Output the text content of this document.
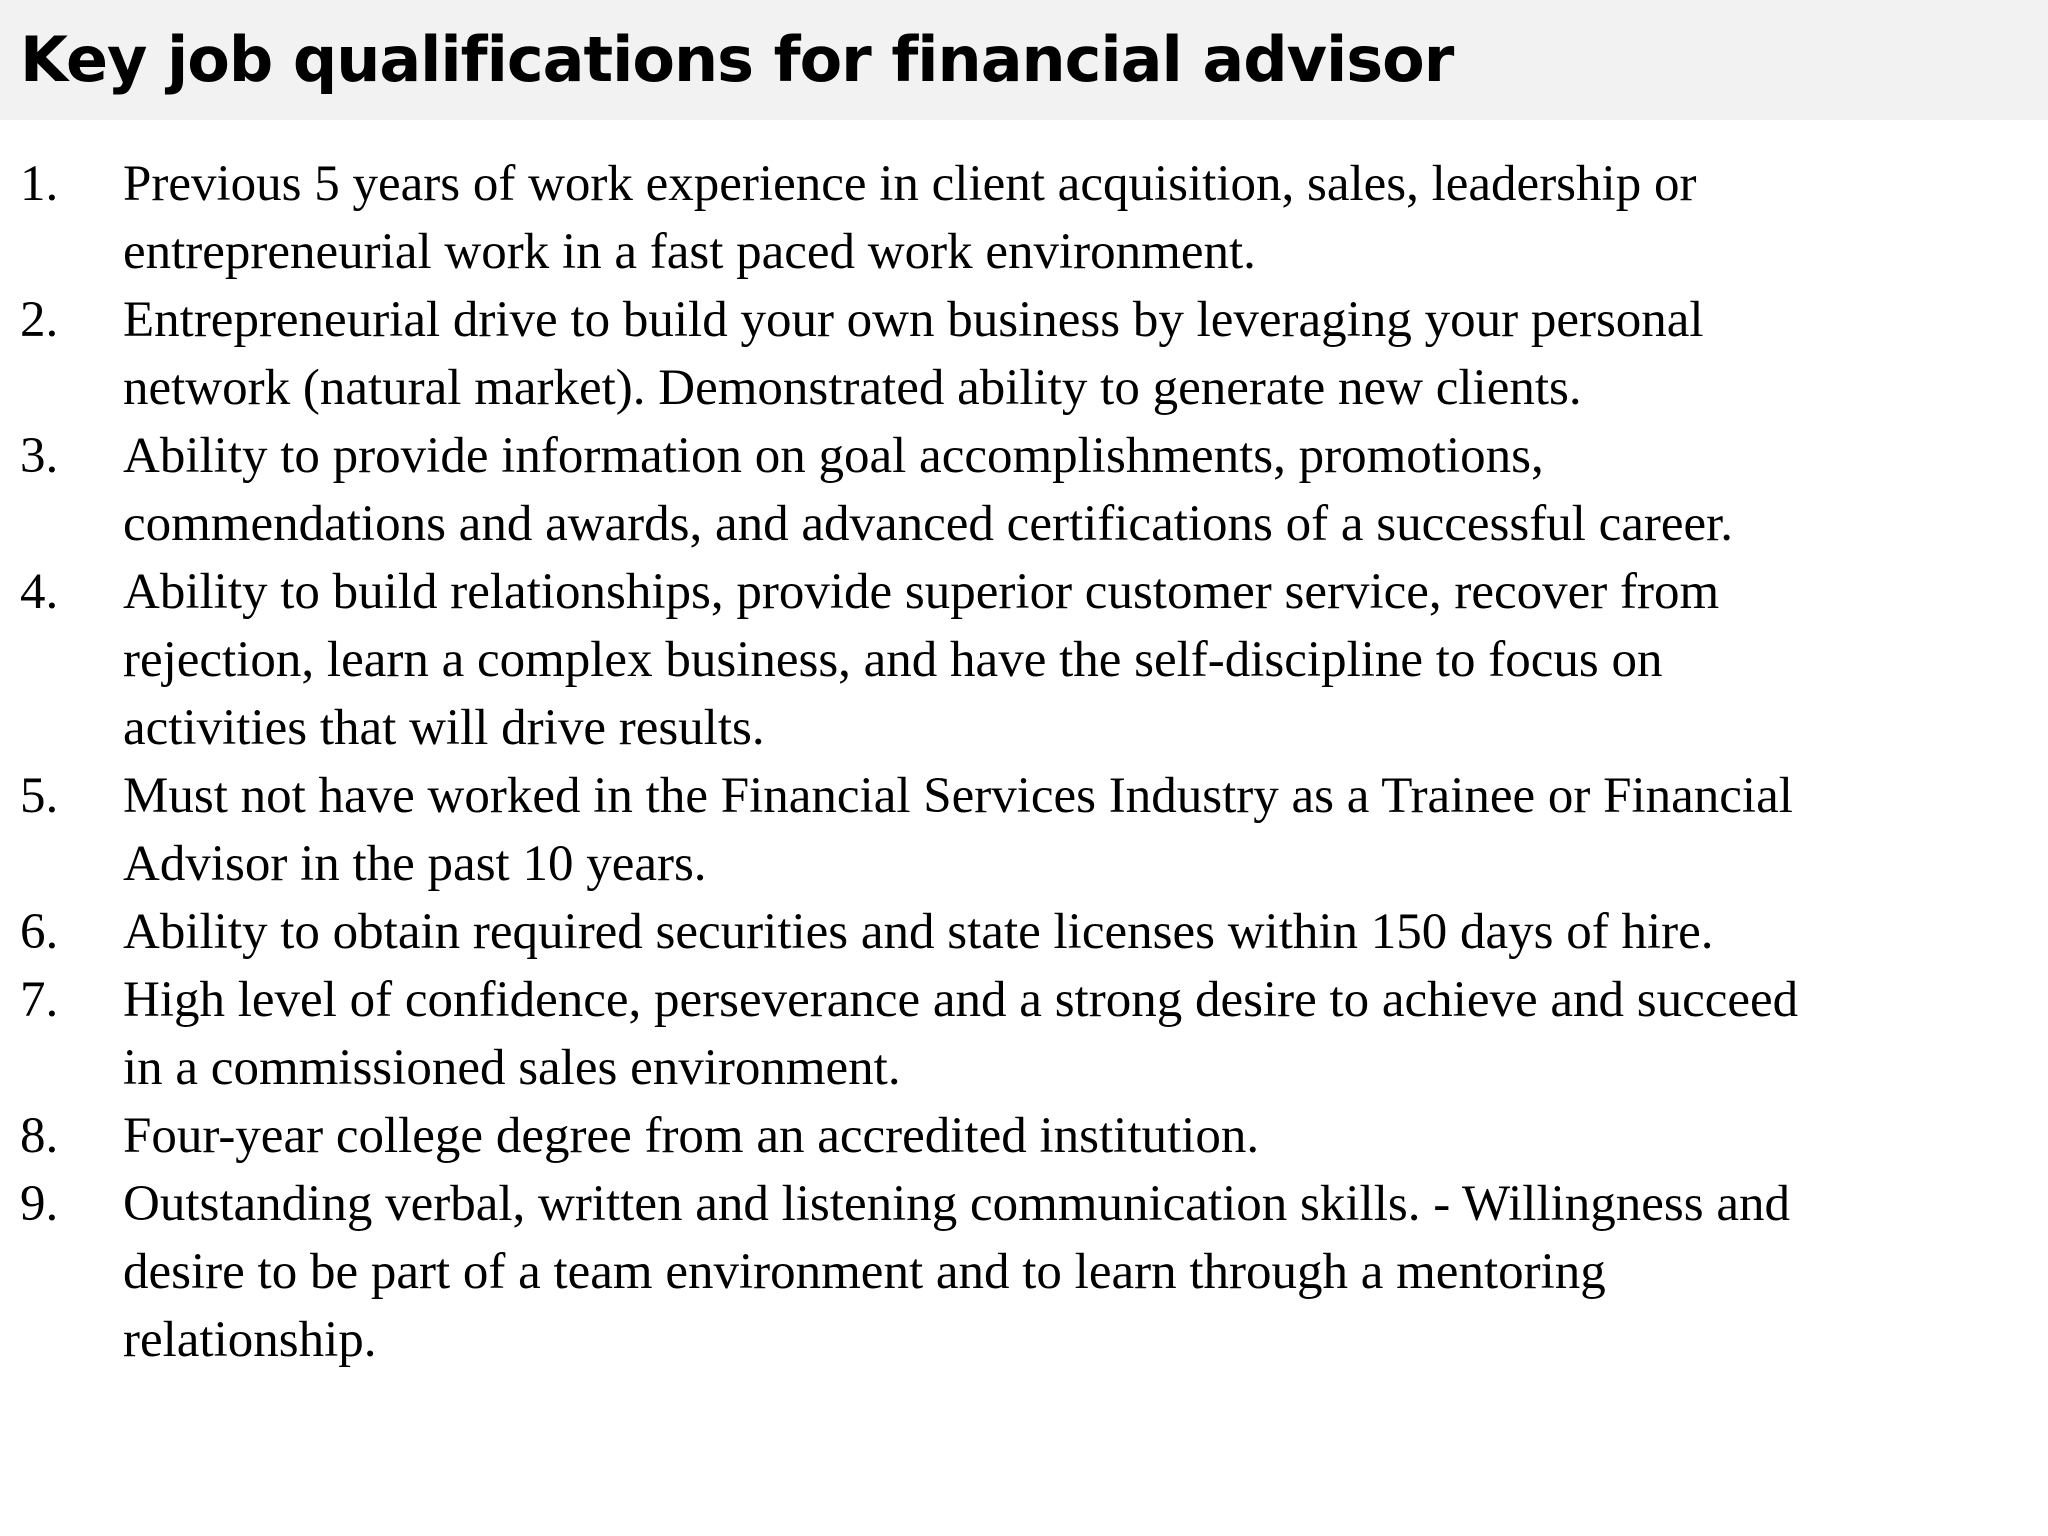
Key job qualifications for financial advisor
1. Previous 5 years of work experience in client acquisition, sales, leadership or
entrepreneurial work in a fast paced work environment.
2. Entrepreneurial drive to build your own business by leveraging your personal
network (natural market). Demonstrated ability to generate new clients.
3. Ability to provide information on goal accomplishments, promotions,
commendations and awards, and advanced certifications of a successful career.
4. Ability to build relationships, provide superior customer service, recover from
rejection, learn a complex business, and have the self-discipline to focus on
activities that will drive results.
5. Must not have worked in the Financial Services Industry as a Trainee or Financial
Advisor in the past 10 years.
6. Ability to obtain required securities and state licenses within 150 days of hire.
7. High level of confidence, perseverance and a strong desire to achieve and succeed
in a commissioned sales environment.
8. Four-year college degree from an accredited institution.
9. Outstanding verbal, written and listening communication skills. - Willingness and
desire to be part of a team environment and to learn through a mentoring
relationship.
